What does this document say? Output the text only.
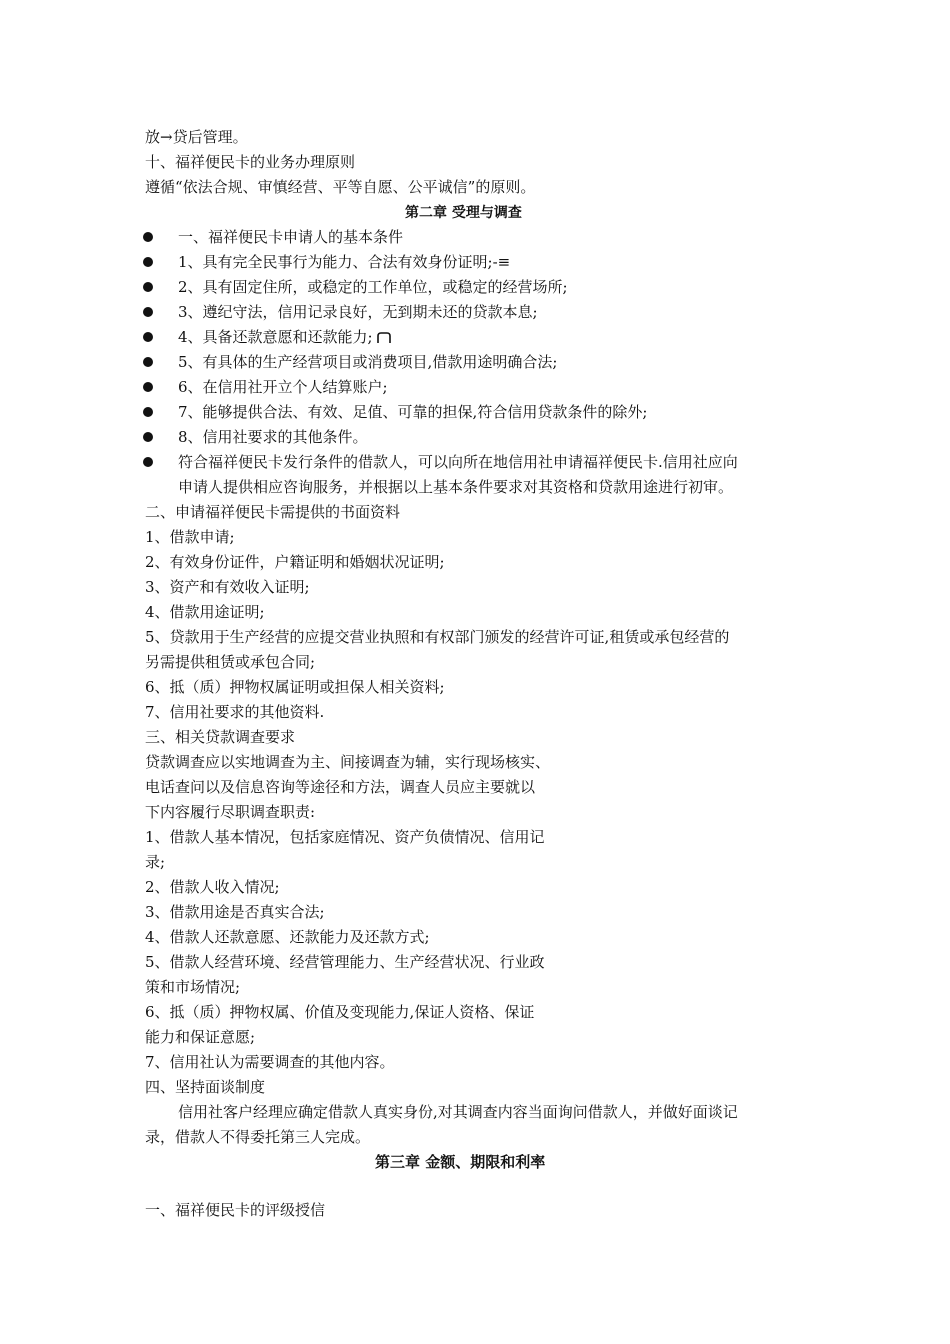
放→贷后管理。
十、福祥便民卡的业务办理原则
遵循“依法合规、审慎经营、平等自愿、公平诚信”的原则。
第二章 受理与调查
一、福祥便民卡申请人的基本条件
1、具有完全民事行为能力、合法有效身份证明;-≡
2、具有固定住所，或稳定的工作单位，或稳定的经营场所;
3、遵纪守法，信用记录良好，无到期未还的贷款本息;
4、具备还款意愿和还款能力;
5、有具体的生产经营项目或消费项目,借款用途明确合法;
6、在信用社开立个人结算账户;
7、能够提供合法、有效、足值、可靠的担保,符合信用贷款条件的除外;
8、信用社要求的其他条件。
符合福祥便民卡发行条件的借款人，可以向所在地信用社申请福祥便民卡.信用社应向
申请人提供相应咨询服务，并根据以上基本条件要求对其资格和贷款用途进行初审。
二、申请福祥便民卡需提供的书面资料
1、借款申请;
2、有效身份证件，户籍证明和婚姻状况证明;
3、资产和有效收入证明;
4、借款用途证明;
5、贷款用于生产经营的应提交营业执照和有权部门颁发的经营许可证,租赁或承包经营的
另需提供租赁或承包合同;
6、抵（质）押物权属证明或担保人相关资料;
7、信用社要求的其他资料.
三、相关贷款调查要求
贷款调查应以实地调查为主、间接调查为辅，实行现场核实、
电话查问以及信息咨询等途径和方法，调查人员应主要就以
下内容履行尽职调查职责:
1、借款人基本情况，包括家庭情况、资产负债情况、信用记
录;
2、借款人收入情况;
3、借款用途是否真实合法;
4、借款人还款意愿、还款能力及还款方式;
5、借款人经营环境、经营管理能力、生产经营状况、行业政
策和市场情况;
6、抵（质）押物权属、价值及变现能力,保证人资格、保证
能力和保证意愿;
7、信用社认为需要调查的其他内容。
四、坚持面谈制度
信用社客户经理应确定借款人真实身份,对其调查内容当面询问借款人，并做好面谈记
录，借款人不得委托第三人完成。
第三章 金额、期限和利率
一、福祥便民卡的评级授信
